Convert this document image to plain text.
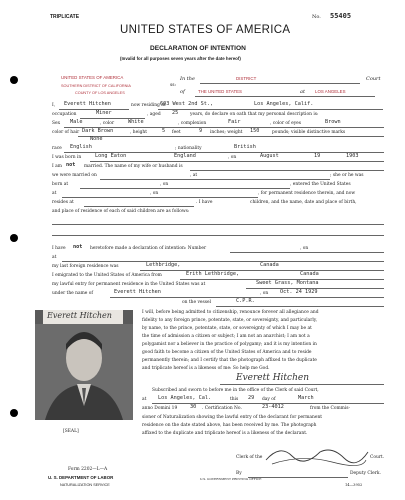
TRIPLICATE	No. 55405
UNITED STATES OF AMERICA
DECLARATION OF INTENTION
(Invalid for all purposes seven years after the date hereof)
UNITED STATES OF AMERICA
SOUTHERN DISTRICT OF CALIFORNIA
COUNTY OF LOS ANGELES
In the	DISTRICT	Court
of	THE UNITED STATES	at LOS ANGELES
ss:
I, Everett Hitchen	now residing at
603 West 2nd St.,	Los Angeles, Calif.
occupation	Miner	, aged 25	years, do declare on oath that my personal description is:
Sex Male	, color	White	, complexion	Fair	, color of eyes	Brown
color of hair Dark Brown	, height	5 feet	9 inches; weight 150	pounds; visible distinctive marks
None
race English	; nationality	British
I was born in	Long Eaton	England	, on	August	19	1903
I am not married. The name of my wife or husband is
we were married on	, at	; she or he was
born at	, on	, entered the United States
at	, on	, for permanent residence therein, and now
resides at	. I have	children, and the name, date and place of birth,
and place of residence of each of said children are as follows:
I have not heretofore made a declaration of intention: Number	, on
at
my last foreign residence was	Lethbridge,	Canada
I emigrated to the United States of America from	Erith Lethbridge,	Canada
my lawful entry for permanent residence in the United States was at	Sweet Grass, Montana
under the name of	Everett Hitchen	, on Oct. 24 1929
on the vessel	C.P.R.
Everett Hitchen
[SEAL]
I will, before being admitted to citizenship, renounce forever all allegiance and
fidelity to any foreign prince, potentate, state, or sovereignty, and particularly,
by name, to the prince, potentate, state, or sovereignty of which I may be at
the time of admission a citizen or subject; I am not an anarchist; I am not a
polygamist nor a believer in the practice of polygamy; and it is my intention in
good faith to become a citizen of the United States of America and to reside
permanently therein; and I certify that the photograph affixed to the duplicate
and triplicate hereof is a likeness of me: So help me God.
Everett Hitchen
Subscribed and sworn to before me in the office of the Clerk of said Court,
at Los Angeles, Cal.	this 29 day of	March
anno Domini 19 30 . Certification No.	23-4012	from the Commis-
sioner of Naturalization showing the lawful entry of the declarant for permanent
residence on the date stated above, has been received by me. The photograph
affixed to the duplicate and triplicate hereof is a likeness of the declarant.
Clerk of the	Court.
By	Deputy Clerk.
Form 2202—L—A
U. S. DEPARTMENT OF LABOR
NATURALIZATION SERVICE
U.S. GOVERNMENT PRINTING OFFICE
14—3952
